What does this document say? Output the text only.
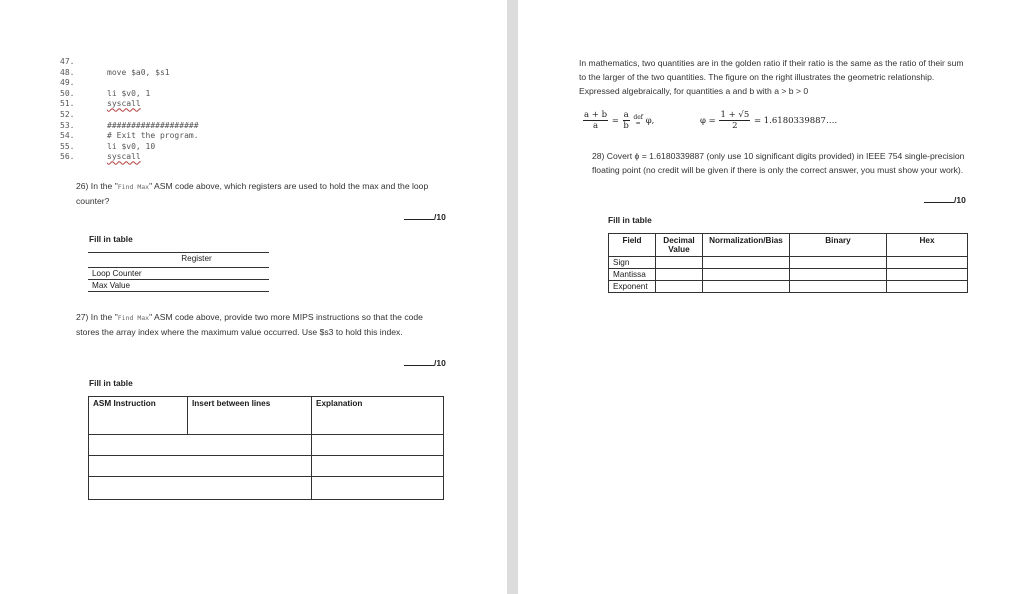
47.
48.	move $a0, $s1
49.
50.	li $v0, 1
51.	syscall
52.
53.	###################
54.	# Exit the program.
55.	li $v0, 10
56.	syscall
26) In the "Find Max" ASM code above, which registers are used to hold the max and the loop counter?
/10
Fill in table
Register
Loop Counter
Max Value
27) In the "Find Max" ASM code above, provide two more MIPS instructions so that the code stores the array index where the maximum value occurred. Use $s3 to hold this index.
/10
Fill in table
ASM Instruction	Insert between lines	Explanation

In mathematics, two quantities are in the golden ratio if their ratio is the same as the ratio of their sum to the larger of the two quantities. The figure on the right illustrates the geometric relationship. Expressed algebraically, for quantities a and b with a > b > 0
$\frac{a + b}{a} = \frac{a}{b}$
def
= φ,	$\varphi = \frac{1 + √5}{2}$ = 1.6180339887….
28) Covert ϕ = 1.6180339887 (only use 10 significant digits provided) in IEEE 754 single-precision floating point (no credit will be given if there is only the correct answer, you must show your work).
/10
Fill in table
Field	Decimal Value	Normalization/Bias	Binary	Hex
Sign				
Mantissa				
Exponent				
